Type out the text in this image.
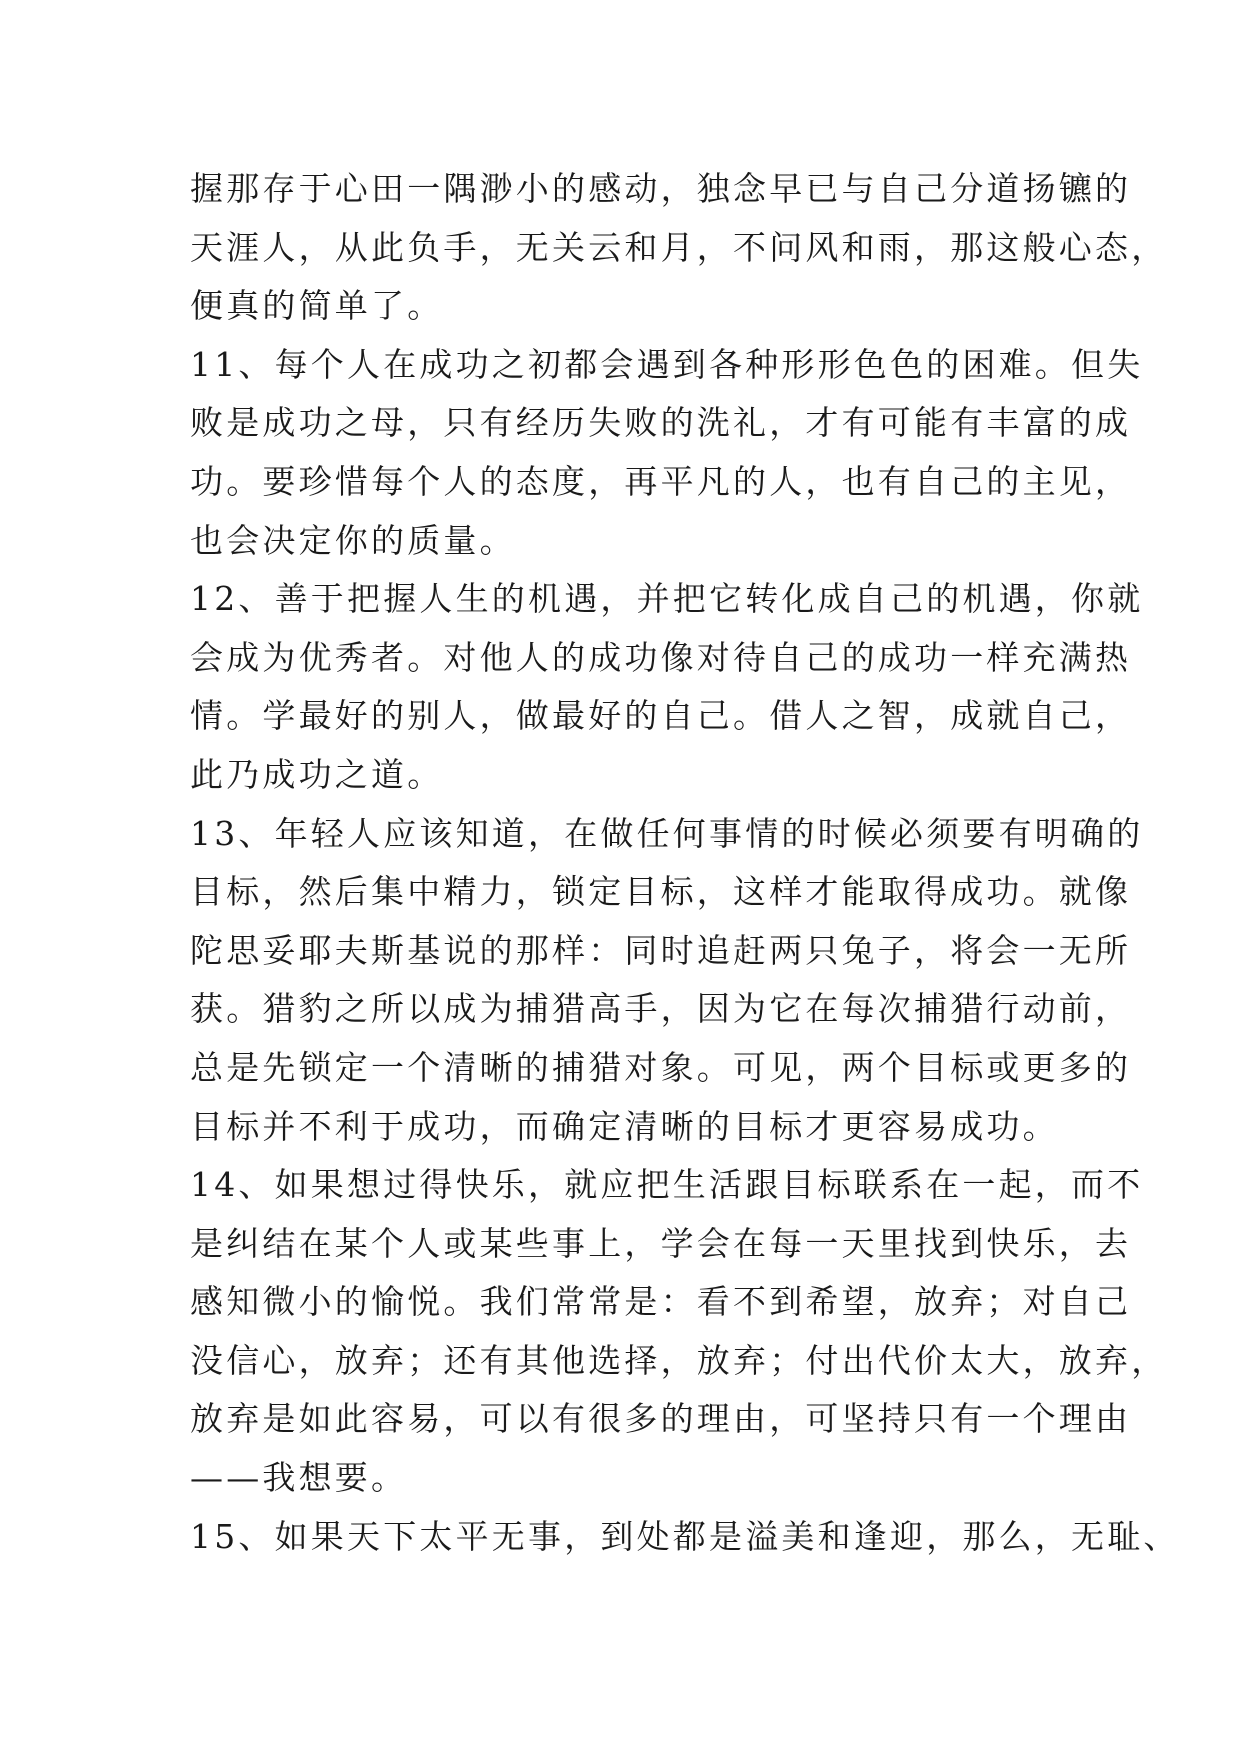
握那存于心田一隅渺小的感动，独念早已与自己分道扬镳的
天涯人，从此负手，无关云和月，不问风和雨，那这般心态，
便真的简单了。
11、每个人在成功之初都会遇到各种形形色色的困难。但失
败是成功之母，只有经历失败的洗礼，才有可能有丰富的成
功。要珍惜每个人的态度，再平凡的人，也有自己的主见，
也会决定你的质量。
12、善于把握人生的机遇，并把它转化成自己的机遇，你就
会成为优秀者。对他人的成功像对待自己的成功一样充满热
情。学最好的别人，做最好的自己。借人之智，成就自己，
此乃成功之道。
13、年轻人应该知道，在做任何事情的时候必须要有明确的
目标，然后集中精力，锁定目标，这样才能取得成功。就像
陀思妥耶夫斯基说的那样：同时追赶两只兔子，将会一无所
获。猎豹之所以成为捕猎高手，因为它在每次捕猎行动前，
总是先锁定一个清晰的捕猎对象。可见，两个目标或更多的
目标并不利于成功，而确定清晰的目标才更容易成功。
14、如果想过得快乐，就应把生活跟目标联系在一起，而不
是纠结在某个人或某些事上，学会在每一天里找到快乐，去
感知微小的愉悦。我们常常是：看不到希望，放弃；对自己
没信心，放弃；还有其他选择，放弃；付出代价太大，放弃，
放弃是如此容易，可以有很多的理由，可坚持只有一个理由
——我想要。
15、如果天下太平无事，到处都是溢美和逢迎，那么，无耻、
